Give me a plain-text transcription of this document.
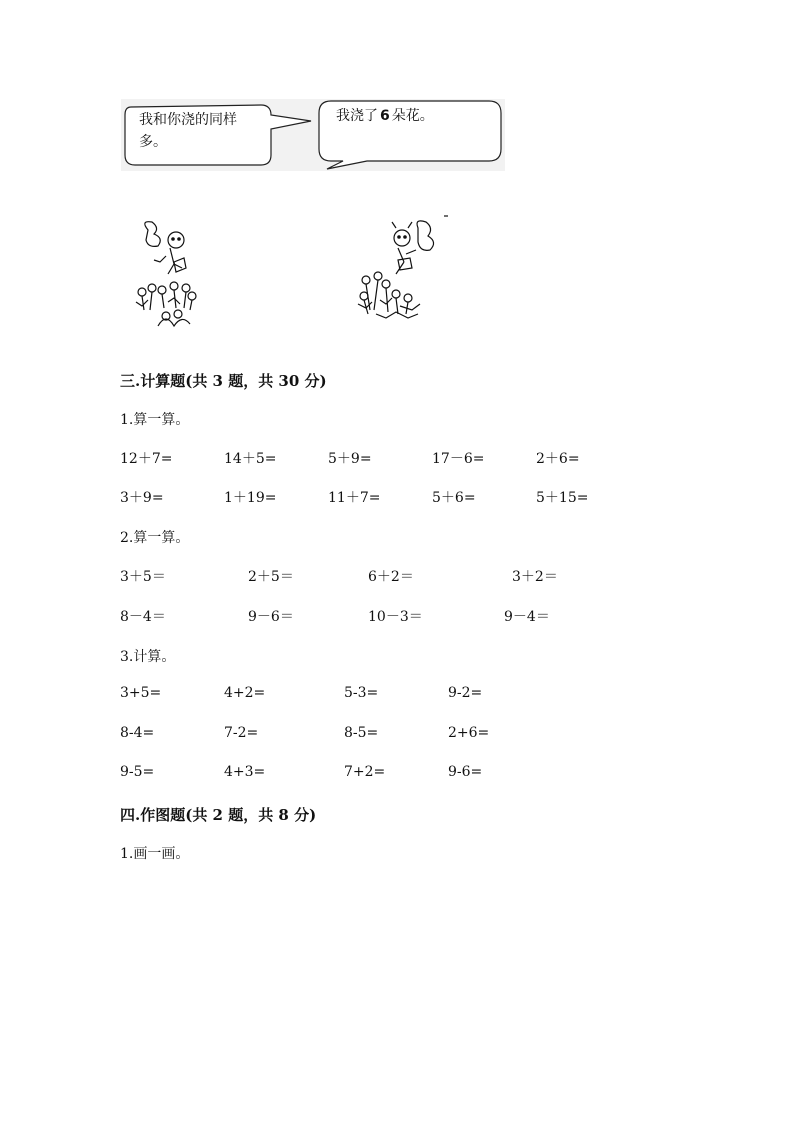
我和你浇的同样
多。
我浇了 6 朵花。
三.计算题(共 3 题，共 30 分)
1.算一算。
12＋7=	14＋5=	5＋9=	17－6=	2＋6=
3＋9=	1＋19=	11＋7=	5＋6=	5＋15=
2.算一算。
3＋5＝	2＋5＝	6＋2＝	3＋2＝
8－4＝	9－6＝	10－3＝	9－4＝
3.计算。
3+5=	4+2=	5-3=	9-2=
8-4=	7-2=	8-5=	2+6=
9-5=	4+3=	7+2=	9-6=
四.作图题(共 2 题，共 8 分)
1.画一画。
